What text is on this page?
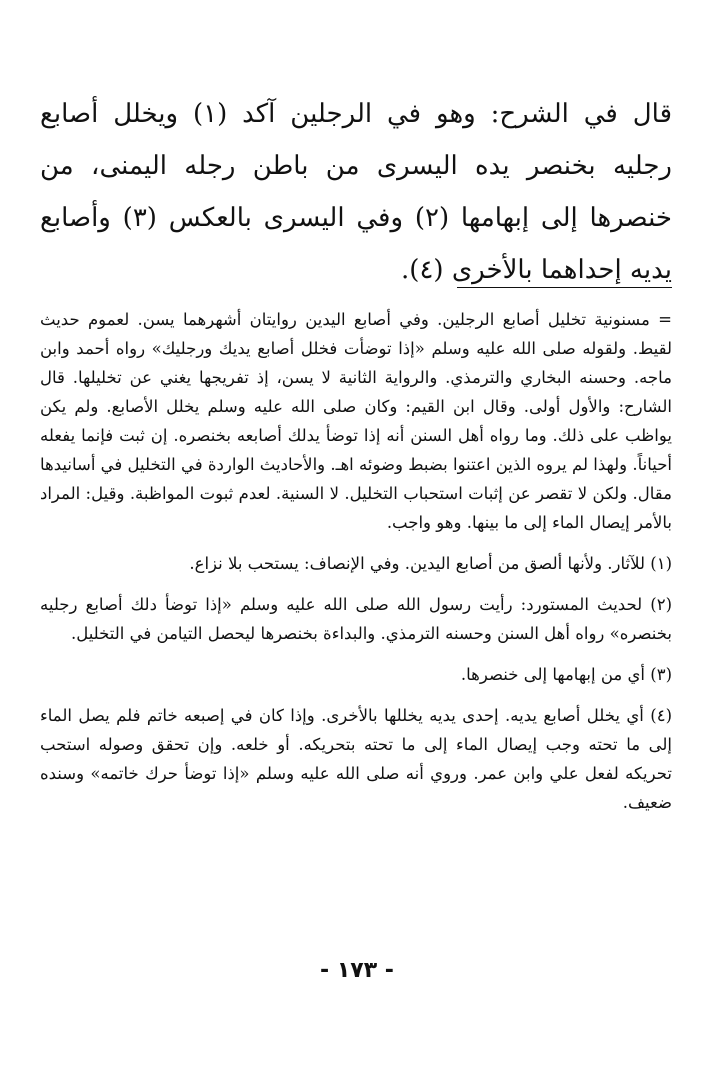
قال في الشرح: وهو في الرجلين آكد (١) ويخلل أصابع رجليه بخنصر يده اليسرى من باطن رجله اليمنى، من خنصرها إلى إبهامها (٢) وفي اليسرى بالعكس (٣) وأصابع يديه إحداهما بالأخرى (٤).

= مسنونية تخليل أصابع الرجلين. وفي أصابع اليدين روايتان أشهرهما يسن. لعموم حديث لقيط. ولقوله صلى الله عليه وسلم «إذا توضأت فخلل أصابع يديك ورجليك» رواه أحمد وابن ماجه. وحسنه البخاري والترمذي. والرواية الثانية لا يسن، إذ تفريجها يغني عن تخليلها. قال الشارح: والأول أولى. وقال ابن القيم: وكان صلى الله عليه وسلم يخلل الأصابع. ولم يكن يواظب على ذلك. وما رواه أهل السنن أنه إذا توضأ يدلك أصابعه بخنصره. إن ثبت فإنما يفعله أحياناً. ولهذا لم يروه الذين اعتنوا بضبط وضوئه اهـ. والأحاديث الواردة في التخليل في أسانيدها مقال. ولكن لا تقصر عن إثبات استحباب التخليل. لا السنية. لعدم ثبوت المواظبة. وقيل: المراد بالأمر إيصال الماء إلى ما بينها. وهو واجب.

(١) للآثار. ولأنها ألصق من أصابع اليدين. وفي الإنصاف: يستحب بلا نزاع.

(٢) لحديث المستورد: رأيت رسول الله صلى الله عليه وسلم «إذا توضأ دلك أصابع رجليه بخنصره» رواه أهل السنن وحسنه الترمذي. والبداءة بخنصرها ليحصل التيامن في التخليل.

(٣) أي من إبهامها إلى خنصرها.

(٤) أي يخلل أصابع يديه. إحدى يديه يخللها بالأخرى. وإذا كان في إصبعه خاتم فلم يصل الماء إلى ما تحته وجب إيصال الماء إلى ما تحته بتحريكه. أو خلعه. وإن تحقق وصوله استحب تحريكه لفعل علي وابن عمر. وروي أنه صلى الله عليه وسلم «إذا توضأ حرك خاتمه» وسنده ضعيف.

- ١٧٣ -
